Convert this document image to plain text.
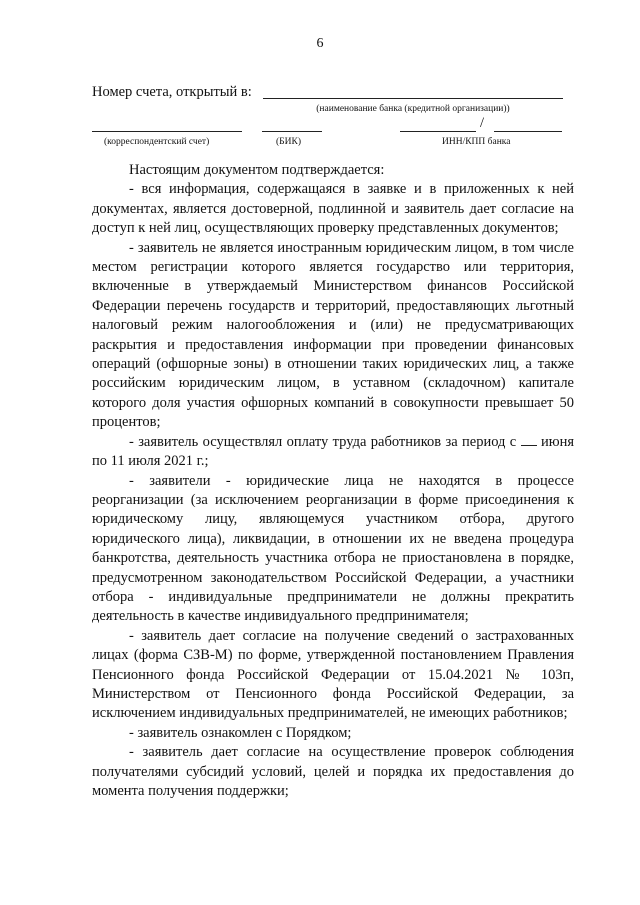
6
Номер счета, открытый в:
(наименование банка (кредитной организации))
/
(корреспондентский счет)	(БИК)	ИНН/КПП банка

Настоящим документом подтверждается:

- вся информация, содержащаяся в заявке и в приложенных к ней документах, является достоверной, подлинной и заявитель дает согласие на доступ к ней лиц, осуществляющих проверку представленных документов;

- заявитель не является иностранным юридическим лицом, в том числе местом регистрации которого является государство или территория, включенные в утверждаемый Министерством финансов Российской Федерации перечень государств и территорий, предоставляющих льготный налоговый режим налогообложения и (или) не предусматривающих раскрытия и предоставления информации при проведении финансовых операций (офшорные зоны) в отношении таких юридических лиц, а также российским юридическим лицом, в уставном (складочном) капитале которого доля участия офшорных компаний в совокупности превышает 50 процентов;

- заявитель осуществлял оплату труда работников за период с июня по 11 июля 2021 г.;

- заявители - юридические лица не находятся в процессе реорганизации (за исключением реорганизации в форме присоединения к юридическому лицу, являющемуся участником отбора, другого юридического лица), ликвидации, в отношении их не введена процедура банкротства, деятельность участника отбора не приостановлена в порядке, предусмотренном законодательством Российской Федерации, а участники отбора - индивидуальные предприниматели не должны прекратить деятельность в качестве индивидуального предпринимателя;

- заявитель дает согласие на получение сведений о застрахованных лицах (форма СЗВ-М) по форме, утвержденной постановлением Правления Пенсионного фонда Российской Федерации от 15.04.2021 № 103п, Министерством от Пенсионного фонда Российской Федерации, за исключением индивидуальных предпринимателей, не имеющих работников;

- заявитель ознакомлен с Порядком;

- заявитель дает согласие на осуществление проверок соблюдения получателями субсидий условий, целей и порядка их предоставления до момента получения поддержки;
